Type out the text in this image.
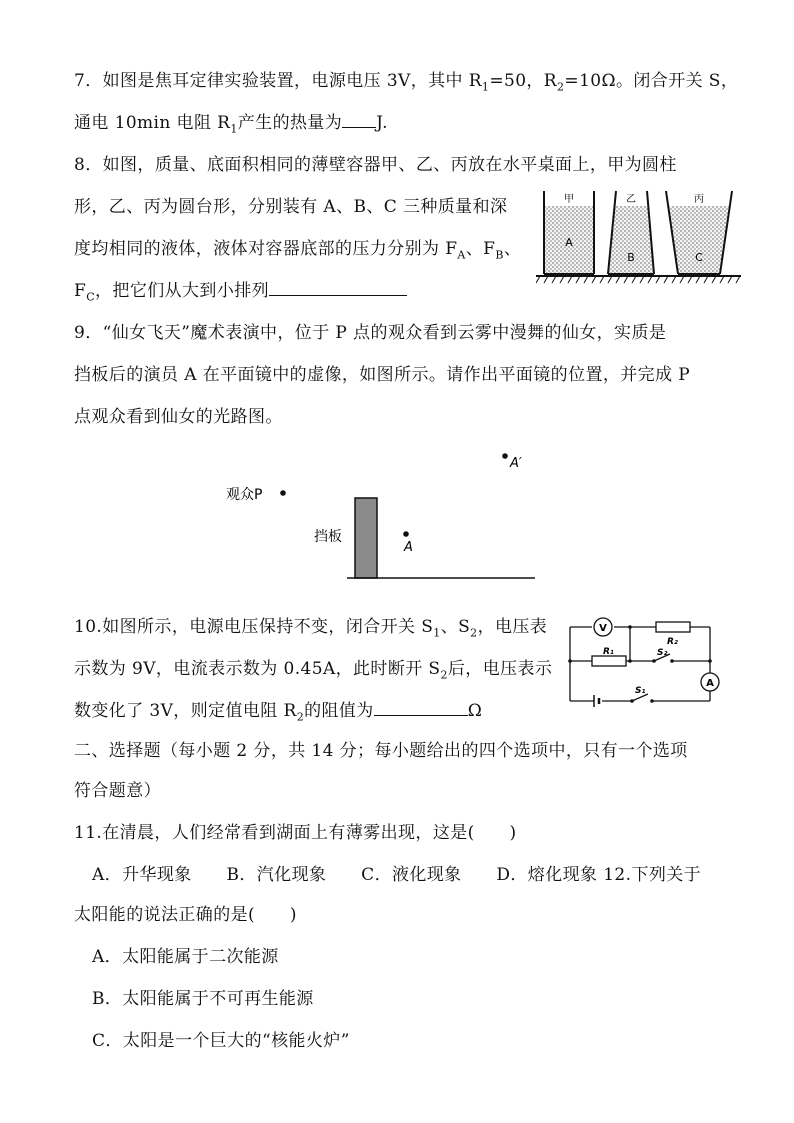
7．如图是焦耳定律实验装置，电源电压 3V，其中 $R_1=50$，$R_2=10\Omega$。闭合开关 S，
通电 10min 电阻 $R_1$产生的热量为 J.
8．如图，质量、底面积相同的薄壁容器甲、乙、丙放在水平桌面上，甲为圆柱
形，乙、丙为圆台形，分别装有 A、B、C 三种质量和深
度均相同的液体，液体对容器底部的压力分别为 $F_A$、$F_B$、
$F_C$，把它们从大到小排列
甲
A
乙
B
丙
C
9．“仙女飞天”魔术表演中，位于 P 点的观众看到云雾中漫舞的仙女，实质是
挡板后的演员 A 在平面镜中的虚像，如图所示。请作出平面镜的位置，并完成 P
点观众看到仙女的光路图。
A′
观众P
挡板
A
10.如图所示，电源电压保持不变，闭合开关 $S_1$、$S_2$，电压表
示数为 9V，电流表示数为 0.45A，此时断开 $S_2$后，电压表示
数变化了 3V，则定值电阻 $R_2$的阻值为	Ω
V
A
R₂
R₁	S₂
S₁
二、选择题（每小题 2 分，共 14 分；每小题给出的四个选项中，只有一个选项
符合题意）
11.在清晨，人们经常看到湖面上有薄雾出现，这是(　　)
A．升华现象　　B．汽化现象　　C．液化现象　　D．熔化现象 12.下列关于
太阳能的说法正确的是(　　)
A．太阳能属于二次能源
B．太阳能属于不可再生能源
C．太阳是一个巨大的“核能火炉”
